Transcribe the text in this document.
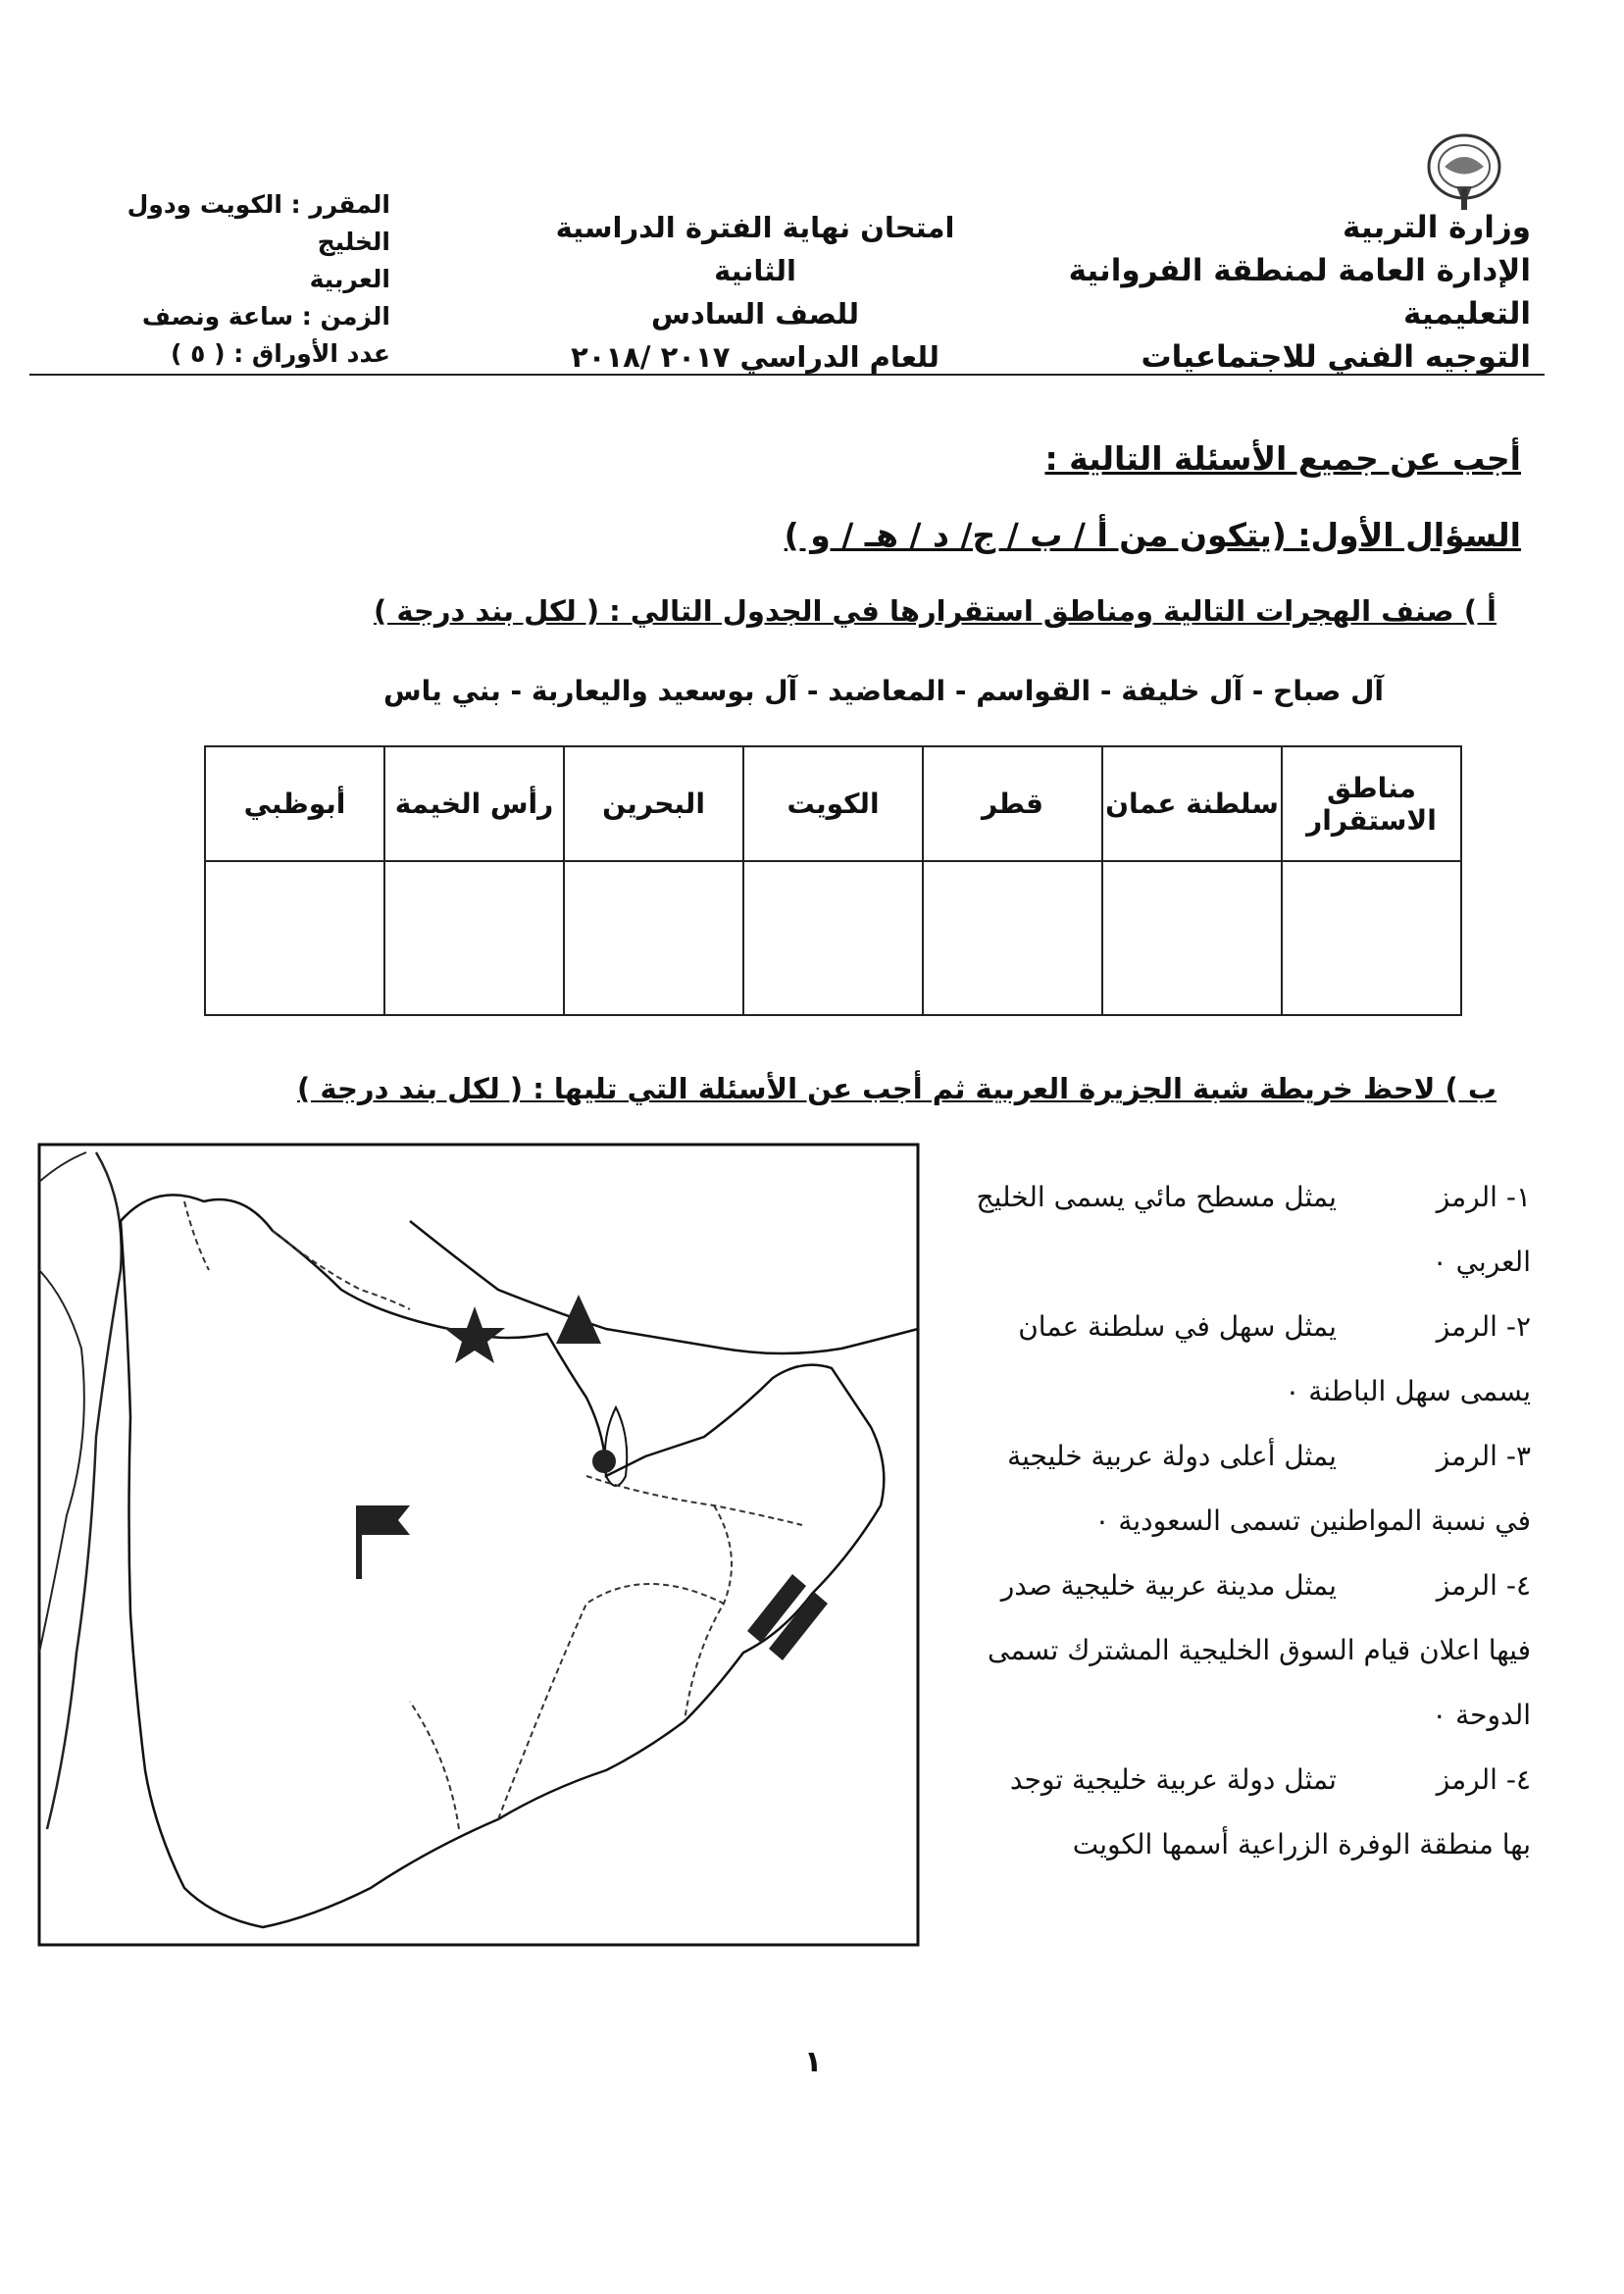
وزارة التربية
الإدارة العامة لمنطقة الفروانية التعليمية
التوجيه الفني للاجتماعيات
امتحان نهاية الفترة الدراسية الثانية
للصف السادس
للعام الدراسي ٢٠١٧ /٢٠١٨
المقرر : الكويت ودول الخليج
العربية
الزمن : ساعة ونصف
عدد الأوراق : ( ٥ )
أجب عن جميع الأسئلة التالية :
السؤال الأول: (يتكون من أ / ب / ج/ د / هـ / و )
أ ) صنف الهجرات التالية ومناطق استقرارها في الجدول التالي : ( لكل بند درجة )
آل صباح - آل خليفة - القواسم - المعاضيد - آل بوسعيد واليعاربة - بني ياس
مناطق الاستقرار	سلطنة عمان	قطر	الكويت	البحرين	رأس الخيمة	أبوظبي

ب ) لاحظ خريطة شبة الجزيرة العربية ثم أجب عن الأسئلة التي تليها : ( لكل بند درجة )
١- الرمز  يمثل مسطح مائي يسمى الخليج
العربي ٠
٢- الرمز  يمثل سهل في سلطنة عمان
يسمى سهل الباطنة ٠
٣- الرمز  يمثل أعلى دولة عربية خليجية
في نسبة المواطنين تسمى السعودية ٠
٤- الرمز  يمثل مدينة عربية خليجية صدر
فيها اعلان قيام السوق الخليجية المشترك تسمى
الدوحة ٠
٤- الرمز  تمثل دولة عربية خليجية توجد
بها منطقة الوفرة الزراعية أسمها الكويت
١
